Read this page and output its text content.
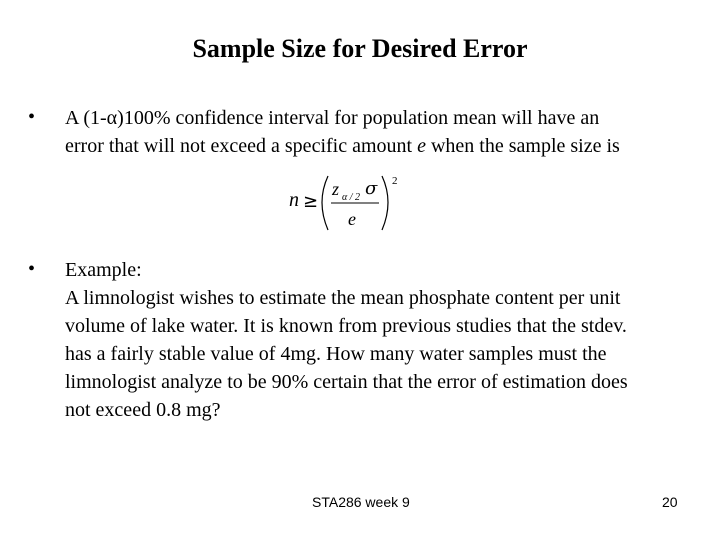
Sample Size for Desired Error
• A (1-α)100% confidence interval for population mean will have an
error that will not exceed a specific amount e when the sample size is
n ≥
z α / 2 σ
e
2
• Example:
A limnologist wishes to estimate the mean phosphate content per unit
volume of lake water. It is known from previous studies that the stdev.
has a fairly stable value of 4mg. How many water samples must the
limnologist analyze to be 90% certain that the error of estimation does
not exceed 0.8 mg?
STA286 week 9	20
